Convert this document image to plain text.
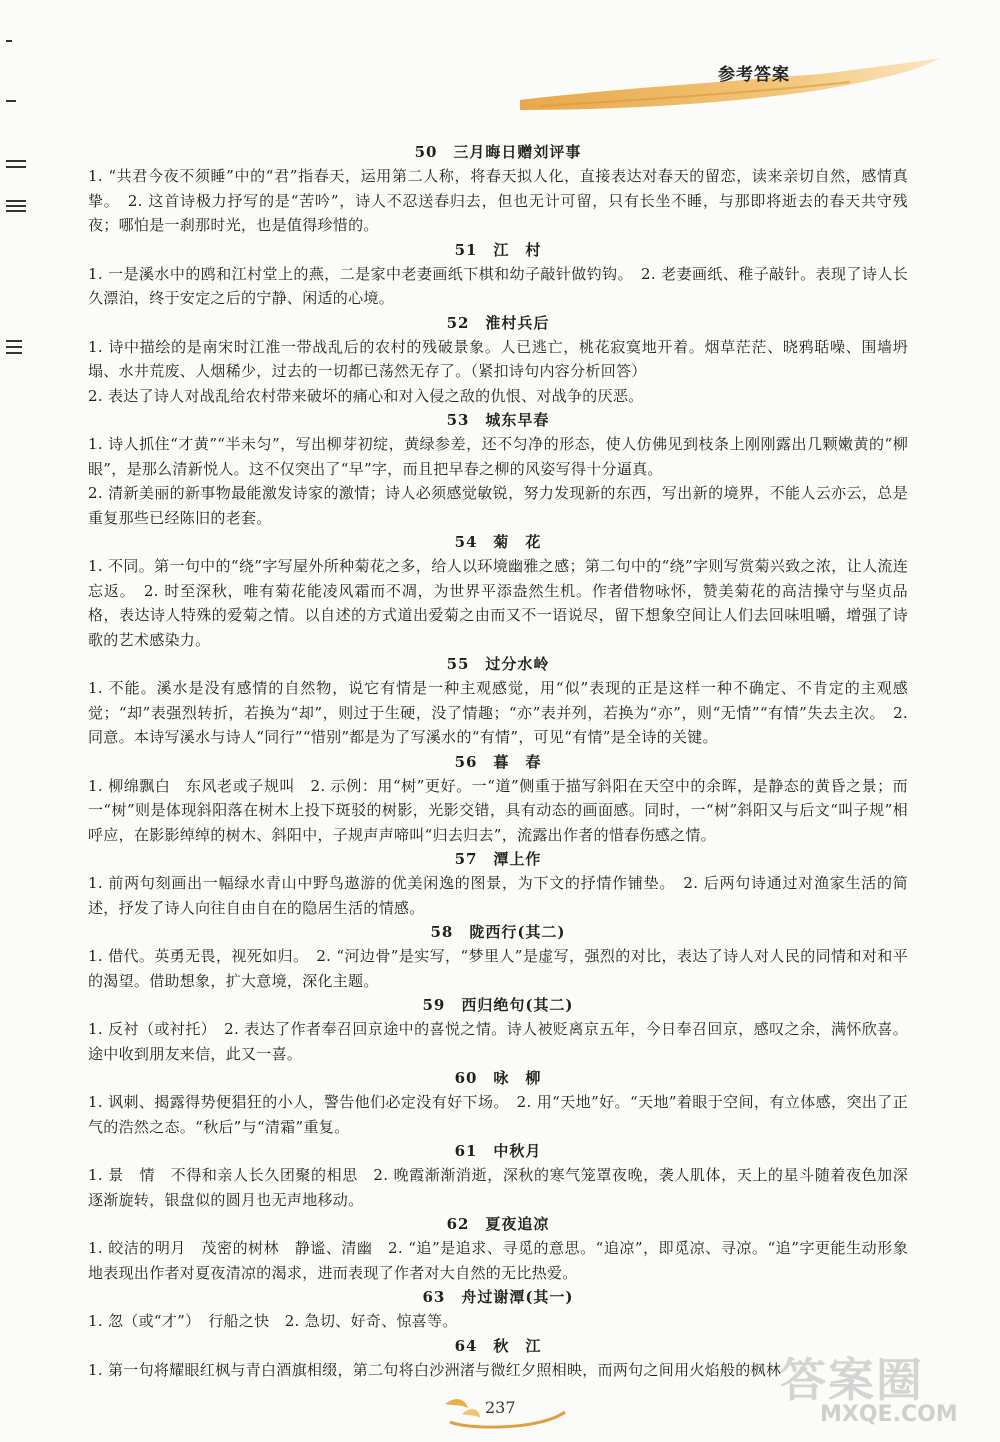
参考答案
50　三月晦日赠刘评事

1. “共君今夜不须睡”中的“君”指春天，运用第二人称，将春天拟人化，直接表达对春天的留恋，读来亲切自然，感情真挚。　2. 这首诗极力抒写的是“苦吟”，诗人不忍送春归去，但也无计可留，只有长坐不睡，与那即将逝去的春天共守残夜；哪怕是一刹那时光，也是值得珍惜的。

51　江　村

1. 一是溪水中的鸥和江村堂上的燕，二是家中老妻画纸下棋和幼子敲针做钓钩。　2. 老妻画纸、稚子敲针。表现了诗人长久漂泊，终于安定之后的宁静、闲适的心境。

52　淮村兵后

1. 诗中描绘的是南宋时江淮一带战乱后的农村的残破景象。人已逃亡，桃花寂寞地开着。烟草茫茫、晓鸦聒噪、围墙坍塌、水井荒废、人烟稀少，过去的一切都已荡然无存了。（紧扣诗句内容分析回答）

2. 表达了诗人对战乱给农村带来破坏的痛心和对入侵之敌的仇恨、对战争的厌恶。

53　城东早春

1. 诗人抓住“才黄”“半未匀”，写出柳芽初绽，黄绿参差，还不匀净的形态，使人仿佛见到枝条上刚刚露出几颗嫩黄的“柳眼”，是那么清新悦人。这不仅突出了“早”字，而且把早春之柳的风姿写得十分逼真。

2. 清新美丽的新事物最能激发诗家的激情；诗人必须感觉敏锐，努力发现新的东西，写出新的境界，不能人云亦云，总是重复那些已经陈旧的老套。

54　菊　花

1. 不同。第一句中的“绕”字写屋外所种菊花之多，给人以环境幽雅之感；第二句中的“绕”字则写赏菊兴致之浓，让人流连忘返。　2. 时至深秋，唯有菊花能凌风霜而不凋，为世界平添盎然生机。作者借物咏怀，赞美菊花的高洁操守与坚贞品格，表达诗人特殊的爱菊之情。以自述的方式道出爱菊之由而又不一语说尽，留下想象空间让人们去回味咀嚼，增强了诗歌的艺术感染力。

55　过分水岭

1. 不能。溪水是没有感情的自然物，说它有情是一种主观感觉，用“似”表现的正是这样一种不确定、不肯定的主观感觉；“却”表强烈转折，若换为“却”，则过于生硬，没了情趣；“亦”表并列，若换为“亦”，则“无情”“有情”失去主次。　2. 同意。本诗写溪水与诗人“同行”“惜别”都是为了写溪水的“有情”，可见“有情”是全诗的关键。

56　暮　春

1. 柳绵飘白　东风老或子规叫　2. 示例：用“树”更好。一“道”侧重于描写斜阳在天空中的余晖，是静态的黄昏之景；而一“树”则是体现斜阳落在树木上投下斑驳的树影，光影交错，具有动态的画面感。同时，一“树”斜阳又与后文“叫子规”相呼应，在影影绰绰的树木、斜阳中，子规声声啼叫“归去归去”，流露出作者的惜春伤感之情。

57　潭上作

1. 前两句刻画出一幅绿水青山中野鸟遨游的优美闲逸的图景，为下文的抒情作铺垫。　2. 后两句诗通过对渔家生活的简述，抒发了诗人向往自由自在的隐居生活的情感。

58　陇西行(其二)

1. 借代。英勇无畏，视死如归。　2. “河边骨”是实写，“梦里人”是虚写，强烈的对比，表达了诗人对人民的同情和对和平的渴望。借助想象，扩大意境，深化主题。

59　西归绝句(其二)

1. 反衬（或衬托）　2. 表达了作者奉召回京途中的喜悦之情。诗人被贬离京五年，今日奉召回京，感叹之余，满怀欣喜。途中收到朋友来信，此又一喜。

60　咏　柳

1. 讽刺、揭露得势便猖狂的小人，警告他们必定没有好下场。　2. 用“天地”好。“天地”着眼于空间，有立体感，突出了正气的浩然之态。“秋后”与“清霜”重复。

61　中秋月

1. 景　情　不得和亲人长久团聚的相思　2. 晚霞渐渐消逝，深秋的寒气笼罩夜晚，袭人肌体，天上的星斗随着夜色加深逐渐旋转，银盘似的圆月也无声地移动。

62　夏夜追凉

1. 皎洁的明月　茂密的树林　静谧、清幽　2. “追”是追求、寻觅的意思。“追凉”，即觅凉、寻凉。“追”字更能生动形象地表现出作者对夏夜清凉的渴求，进而表现了作者对大自然的无比热爱。

63　舟过谢潭(其一)

1. 忽（或“才”）　行船之快　2. 急切、好奇、惊喜等。

64　秋　江

1. 第一句将耀眼红枫与青白酒旗相缀，第二句将白沙洲渚与微红夕照相映，而两句之间用火焰般的枫林

237
答案圈
MXQE.COM
